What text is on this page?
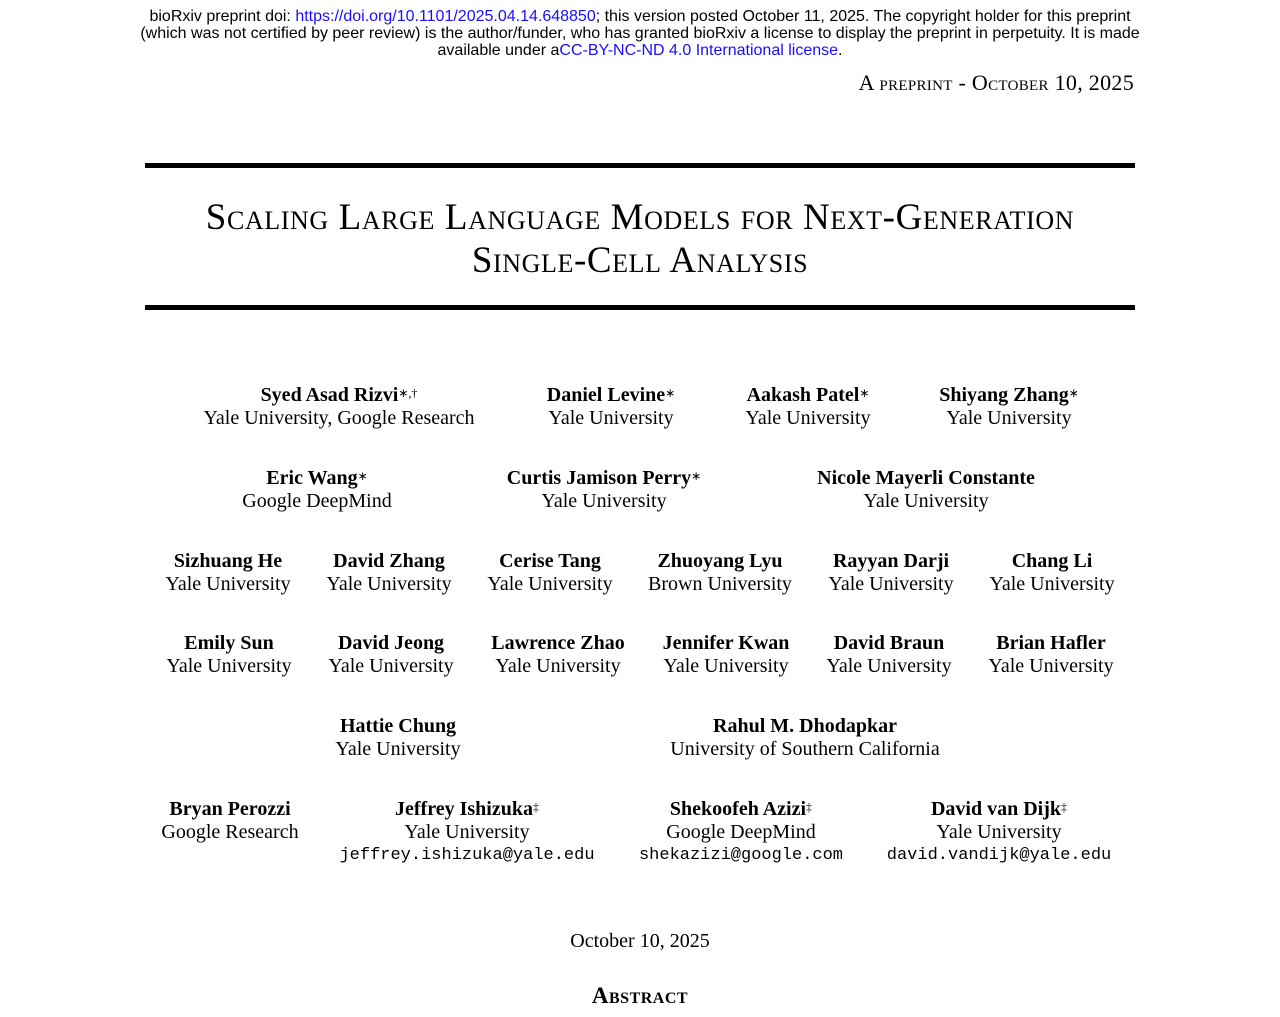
bioRxiv preprint doi: https://doi.org/10.1101/2025.04.14.648850; this version posted October 11, 2025. The copyright holder for this preprint
(which was not certified by peer review) is the author/funder, who has granted bioRxiv a license to display the preprint in perpetuity. It is made
available under aCC-BY-NC-ND 4.0 International license.
A preprint - October 10, 2025
Scaling Large Language Models for Next-Generation
Single-Cell Analysis
Syed Asad Rizvi∗,†
Yale University, Google Research
Daniel Levine∗
Yale University
Aakash Patel∗
Yale University
Shiyang Zhang∗
Yale University
Eric Wang∗
Google DeepMind
Curtis Jamison Perry∗
Yale University
Nicole Mayerli Constante
Yale University
Sizhuang He
Yale University
David Zhang
Yale University
Cerise Tang
Yale University
Zhuoyang Lyu
Brown University
Rayyan Darji
Yale University
Chang Li
Yale University
Emily Sun
Yale University
David Jeong
Yale University
Lawrence Zhao
Yale University
Jennifer Kwan
Yale University
David Braun
Yale University
Brian Hafler
Yale University
Hattie Chung
Yale University
Rahul M. Dhodapkar
University of Southern California
Bryan Perozzi
Google Research
Jeffrey Ishizuka‡
Yale University
jeffrey.ishizuka@yale.edu
Shekoofeh Azizi‡
Google DeepMind
shekazizi@google.com
David van Dijk‡
Yale University
david.vandijk@yale.edu
October 10, 2025
Abstract
